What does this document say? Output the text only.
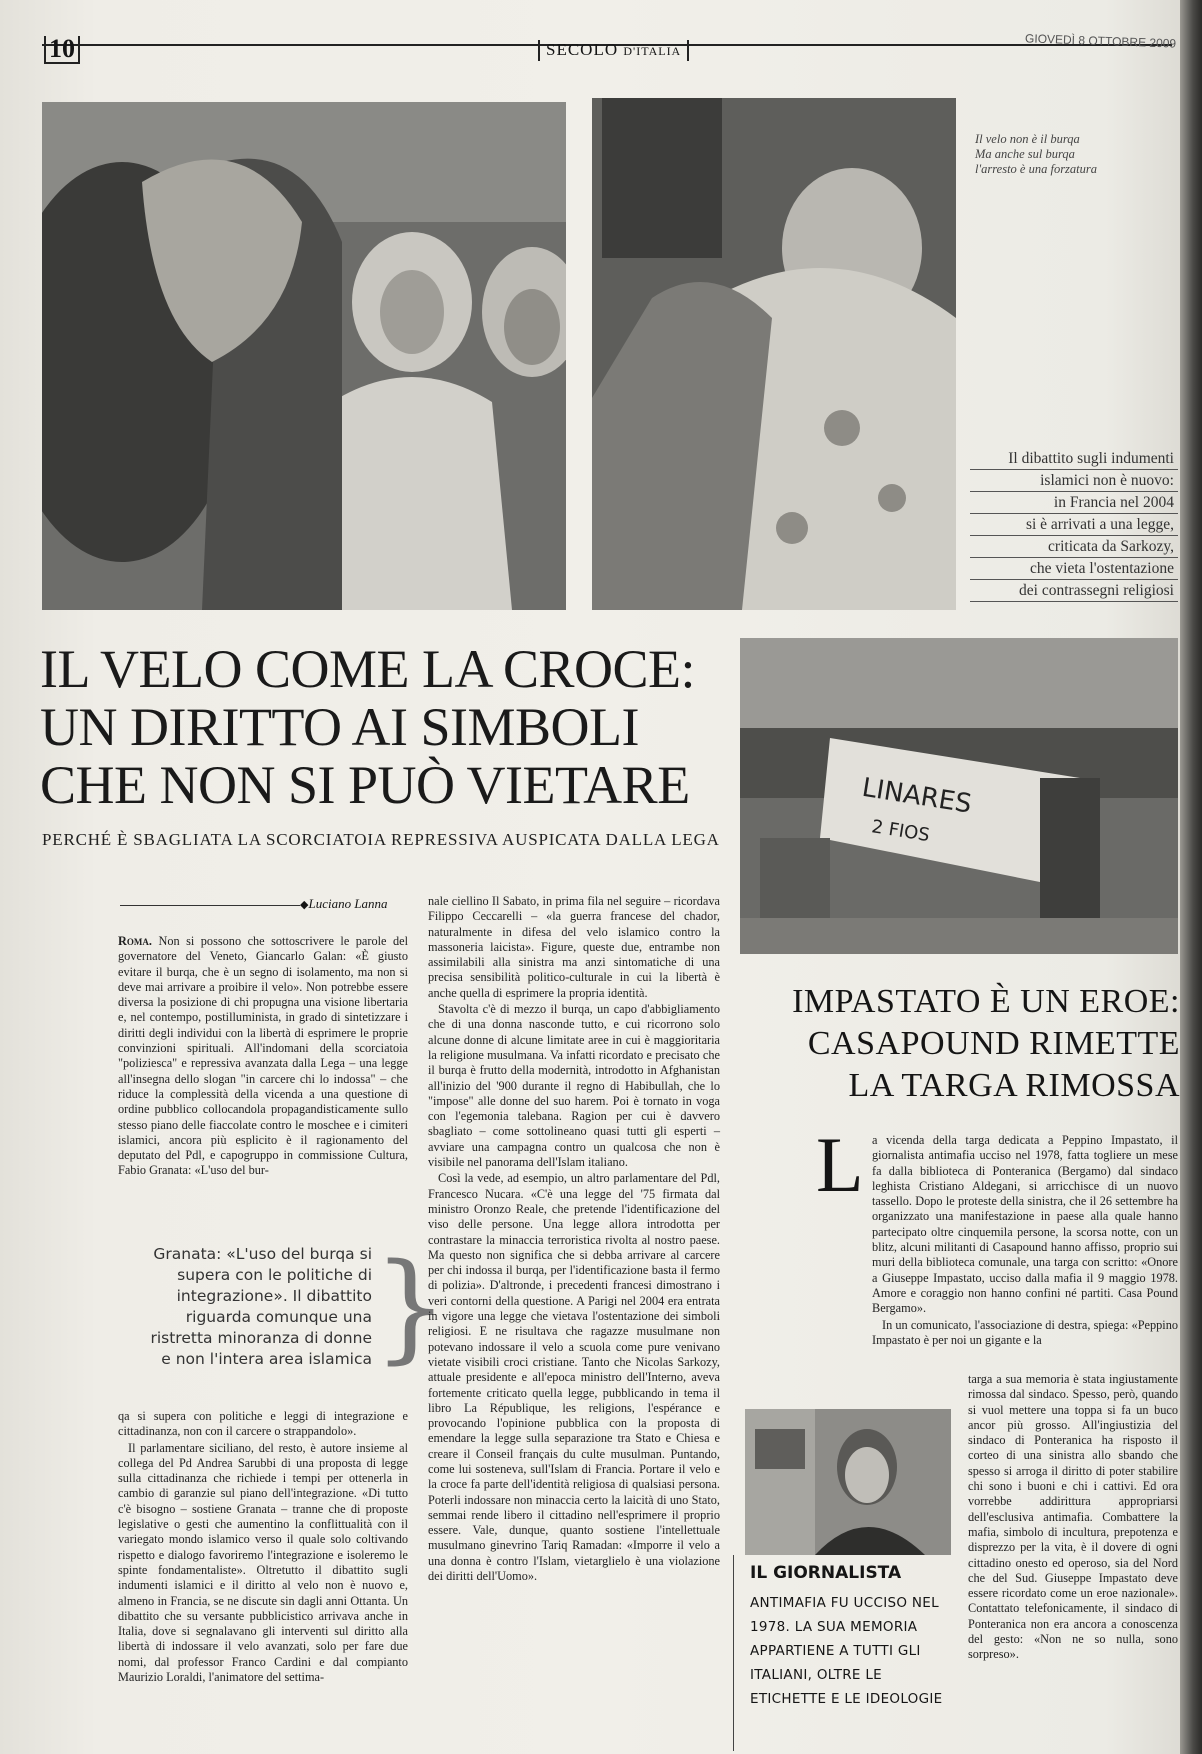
10	SECOLO D'ITALIA
GIOVEDÌ 8 OTTOBRE 2009
Il velo non è il burqa
Ma anche sul burqa
l'arresto è una forzatura
Il dibattito sugli indumenti
islamici non è nuovo:
in Francia nel 2004
si è arrivati a una legge,
criticata da Sarkozy,
che vieta l'ostentazione
dei contrassegni religiosi
IL VELO COME LA CROCE:
UN DIRITTO AI SIMBOLI
CHE NON SI PUÒ VIETARE
PERCHÉ È SBAGLIATA LA SCORCIATOIA REPRESSIVA AUSPICATA DALLA LEGA
LINARES
2 FIOS
◆ Luciano Lanna

Roma. Non si possono che sottoscrivere le parole del governatore del Veneto, Giancarlo Galan: «È giusto evitare il burqa, che è un segno di isolamento, ma non si deve mai arrivare a proibire il velo». Non potrebbe essere diversa la posizione di chi propugna una visione libertaria e, nel contempo, postilluminista, in grado di sintetizzare i diritti degli individui con la libertà di esprimere le proprie convinzioni spirituali. All'indomani della scorciatoia "poliziesca" e repressiva avanzata dalla Lega – una legge all'insegna dello slogan "in carcere chi lo indossa" – che riduce la complessità della vicenda a una questione di ordine pubblico collocandola propagandisticamente sullo stesso piano delle fiaccolate contro le moschee e i cimiteri islamici, ancora più esplicito è il ragionamento del deputato del Pdl, e capogruppo in commissione Cultura, Fabio Granata: «L'uso del bur-

Granata: «L'uso del burqa si supera con le politiche di integrazione». Il dibattito riguarda comunque una ristretta minoranza di donne e non l'intera area islamica }

qa si supera con politiche e leggi di integrazione e cittadinanza, non con il carcere o strappandolo».

Il parlamentare siciliano, del resto, è autore insieme al collega del Pd Andrea Sarubbi di una proposta di legge sulla cittadinanza che richiede i tempi per ottenerla in cambio di garanzie sul piano dell'integrazione. «Di tutto c'è bisogno – sostiene Granata – tranne che di proposte legislative o gesti che aumentino la conflittualità con il variegato mondo islamico verso il quale solo coltivando rispetto e dialogo favoriremo l'integrazione e isoleremo le spinte fondamentaliste». Oltretutto il dibattito sugli indumenti islamici e il diritto al velo non è nuovo e, almeno in Francia, se ne discute sin dagli anni Ottanta. Un dibattito che su versante pubblicistico arrivava anche in Italia, dove si segnalavano gli interventi sul diritto alla libertà di indossare il velo avanzati, solo per fare due nomi, dal professor Franco Cardini e dal compianto Maurizio Loraldi, l'animatore del settima-

nale ciellino Il Sabato, in prima fila nel seguire – ricordava Filippo Ceccarelli – «la guerra francese del chador, naturalmente in difesa del velo islamico contro la massoneria laicista». Figure, queste due, entrambe non assimilabili alla sinistra ma anzi sintomatiche di una precisa sensibilità politico-culturale in cui la libertà è anche quella di esprimere la propria identità.

Stavolta c'è di mezzo il burqa, un capo d'abbigliamento che di una donna nasconde tutto, e cui ricorrono solo alcune donne di alcune limitate aree in cui è maggioritaria la religione musulmana. Va infatti ricordato e precisato che il burqa è frutto della modernità, introdotto in Afghanistan all'inizio del '900 durante il regno di Habibullah, che lo "impose" alle donne del suo harem. Poi è tornato in voga con l'egemonia talebana. Ragion per cui è davvero sbagliato – come sottolineano quasi tutti gli esperti – avviare una campagna contro un qualcosa che non è visibile nel panorama dell'Islam italiano.

Così la vede, ad esempio, un altro parlamentare del Pdl, Francesco Nucara. «C'è una legge del '75 firmata dal ministro Oronzo Reale, che pretende l'identificazione del viso delle persone. Una legge allora introdotta per contrastare la minaccia terroristica rivolta al nostro paese. Ma questo non significa che si debba arrivare al carcere per chi indossa il burqa, per l'identificazione basta il fermo di polizia». D'altronde, i precedenti francesi dimostrano i veri contorni della questione. A Parigi nel 2004 era entrata in vigore una legge che vietava l'ostentazione dei simboli religiosi. E ne risultava che ragazze musulmane non potevano indossare il velo a scuola come pure venivano vietate visibili croci cristiane. Tanto che Nicolas Sarkozy, attuale presidente e all'epoca ministro dell'Interno, aveva fortemente criticato quella legge, pubblicando in tema il libro La République, les religions, l'espérance e provocando l'opinione pubblica con la proposta di emendare la legge sulla separazione tra Stato e Chiesa e creare il Conseil français du culte musulman. Puntando, come lui sosteneva, sull'Islam di Francia. Portare il velo e la croce fa parte dell'identità religiosa di qualsiasi persona. Poterli indossare non minaccia certo la laicità di uno Stato, semmai rende libero il cittadino nell'esprimere il proprio essere. Vale, dunque, quanto sostiene l'intellettuale musulmano ginevrino Tariq Ramadan: «Imporre il velo a una donna è contro l'Islam, vietarglielo è una violazione dei diritti dell'Uomo».

IMPASTATO È UN EROE:
CASAPOUND RIMETTE
LA TARGA RIMOSSA
L a vicenda della targa dedicata a Peppino Impastato, il giornalista antimafia ucciso nel 1978, fatta togliere un mese fa dalla biblioteca di Ponteranica (Bergamo) dal sindaco leghista Cristiano Aldegani, si arricchisce di un nuovo tassello. Dopo le proteste della sinistra, che il 26 settembre ha organizzato una manifestazione in paese alla quale hanno partecipato oltre cinquemila persone, la scorsa notte, con un blitz, alcuni militanti di Casapound hanno affisso, proprio sui muri della biblioteca comunale, una targa con scritto: «Onore a Giuseppe Impastato, ucciso dalla mafia il 9 maggio 1978. Amore e coraggio non hanno confini né partiti. Casa Pound Bergamo».

In un comunicato, l'associazione di destra, spiega: «Peppino Impastato è per noi un gigante e la

targa a sua memoria è stata ingiustamente rimossa dal sindaco. Spesso, però, quando si vuol mettere una toppa si fa un buco ancor più grosso. All'ingiustizia del sindaco di Ponteranica ha risposto il corteo di una sinistra allo sbando che spesso si arroga il diritto di poter stabilire chi sono i buoni e chi i cattivi. Ed ora vorrebbe addirittura appropriarsi dell'esclusiva antimafia. Combattere la mafia, simbolo di incultura, prepotenza e disprezzo per la vita, è il dovere di ogni cittadino onesto ed operoso, sia del Nord che del Sud. Giuseppe Impastato deve essere ricordato come un eroe nazionale». Contattato telefonicamente, il sindaco di Ponteranica non era ancora a conoscenza del gesto: «Non ne so nulla, sono sorpreso».

IL GIORNALISTA
ANTIMAFIA FU UCCISO NEL 1978. LA SUA MEMORIA APPARTIENE A TUTTI GLI ITALIANI, OLTRE LE ETICHETTE E LE IDEOLOGIE
